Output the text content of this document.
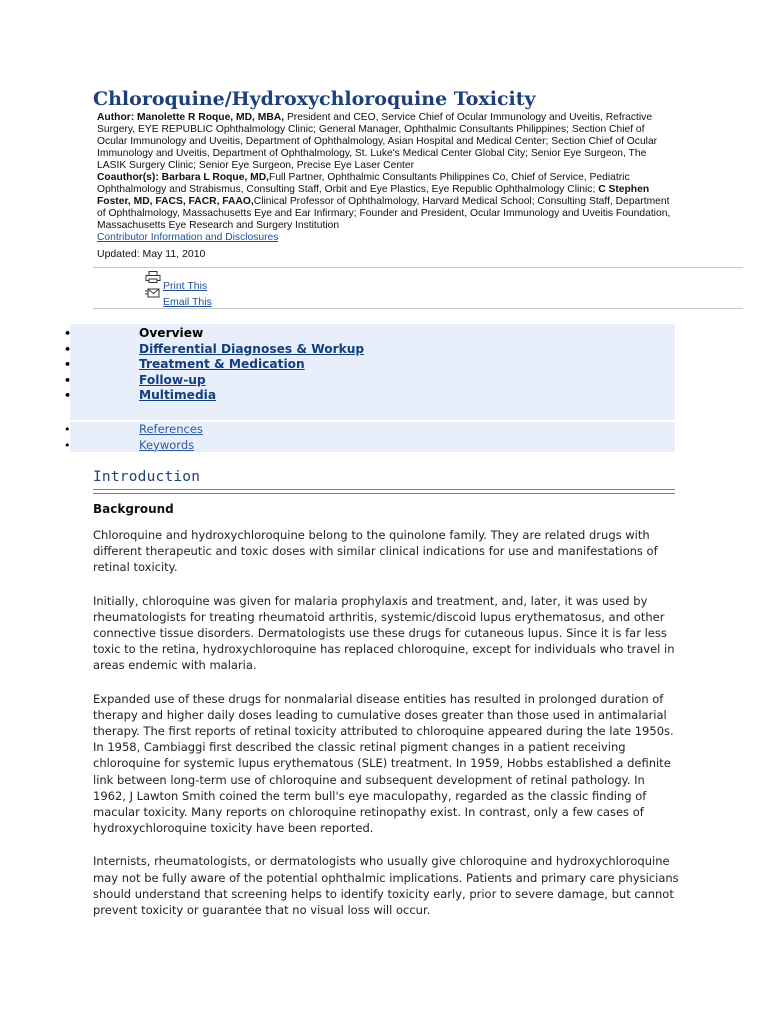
Chloroquine/Hydroxychloroquine Toxicity
Author: Manolette R Roque, MD, MBA, President and CEO, Service Chief of Ocular Immunology and Uveitis, Refractive Surgery, EYE REPUBLIC Ophthalmology Clinic; General Manager, Ophthalmic Consultants Philippines; Section Chief of Ocular Immunology and Uveitis, Department of Ophthalmology, Asian Hospital and Medical Center; Section Chief of Ocular Immunology and Uveitis, Department of Ophthalmology, St. Luke's Medical Center Global City; Senior Eye Surgeon, The LASIK Surgery Clinic; Senior Eye Surgeon, Precise Eye Laser Center
Coauthor(s): Barbara L Roque, MD,Full Partner, Ophthalmic Consultants Philippines Co, Chief of Service, Pediatric Ophthalmology and Strabismus, Consulting Staff, Orbit and Eye Plastics, Eye Republic Ophthalmology Clinic; C Stephen Foster, MD, FACS, FACR, FAAO,Clinical Professor of Ophthalmology, Harvard Medical School; Consulting Staff, Department of Ophthalmology, Massachusetts Eye and Ear Infirmary; Founder and President, Ocular Immunology and Uveitis Foundation, Massachusetts Eye Research and Surgery Institution
Contributor Information and Disclosures
Updated: May 11, 2010
Print This
Email This
• Overview
• Differential Diagnoses & Workup
• Treatment & Medication
• Follow-up
• Multimedia
• References
• Keywords
Introduction
Background

Chloroquine and hydroxychloroquine belong to the quinolone family. They are related drugs with different therapeutic and toxic doses with similar clinical indications for use and manifestations of retinal toxicity.

Initially, chloroquine was given for malaria prophylaxis and treatment, and, later, it was used by rheumatologists for treating rheumatoid arthritis, systemic/discoid lupus erythematosus, and other connective tissue disorders. Dermatologists use these drugs for cutaneous lupus. Since it is far less toxic to the retina, hydroxychloroquine has replaced chloroquine, except for individuals who travel in areas endemic with malaria.

Expanded use of these drugs for nonmalarial disease entities has resulted in prolonged duration of therapy and higher daily doses leading to cumulative doses greater than those used in antimalarial therapy. The first reports of retinal toxicity attributed to chloroquine appeared during the late 1950s. In 1958, Cambiaggi first described the classic retinal pigment changes in a patient receiving chloroquine for systemic lupus erythematous (SLE) treatment. In 1959, Hobbs established a definite link between long-term use of chloroquine and subsequent development of retinal pathology. In 1962, J Lawton Smith coined the term bull's eye maculopathy, regarded as the classic finding of macular toxicity. Many reports on chloroquine retinopathy exist. In contrast, only a few cases of hydroxychloroquine toxicity have been reported.

Internists, rheumatologists, or dermatologists who usually give chloroquine and hydroxychloroquine may not be fully aware of the potential ophthalmic implications. Patients and primary care physicians should understand that screening helps to identify toxicity early, prior to severe damage, but cannot prevent toxicity or guarantee that no visual loss will occur.
